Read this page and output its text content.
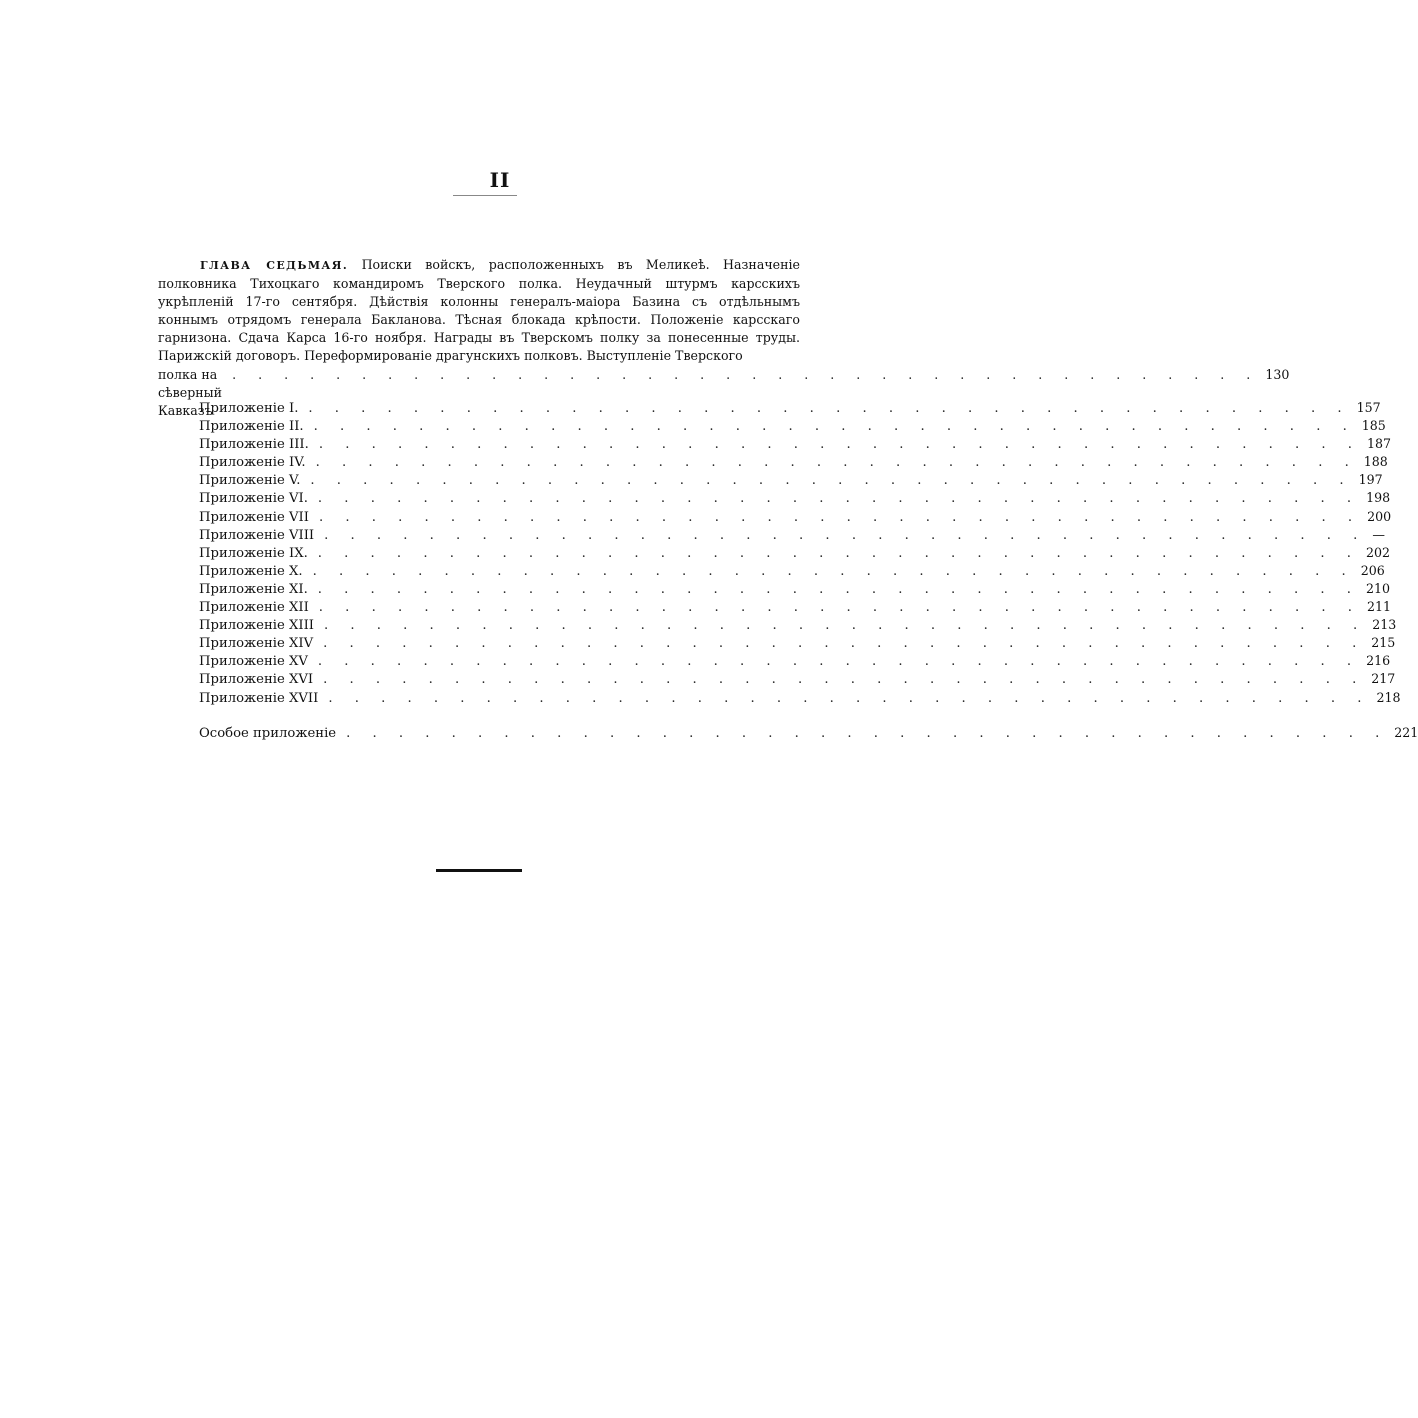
II

ГЛАВА СЕДЬМАЯ. Поиски войскъ, расположенныхъ въ Меликеѣ. Назначеніе полковника Тихоцкаго командиромъ Тверского полка. Неудачный штурмъ карсскихъ укрѣпленій 17-го сентября. Дѣйствія колонны генералъ-маіора Базина съ отдѣльнымъ коннымъ отрядомъ генерала Бакланова. Тѣсная блокада крѣпости. Положеніе карсскаго гарнизона. Сдача Карса 16-го ноября. Награды въ Тверскомъ полку за понесенные труды. Парижскій договоръ. Переформированіе драгунскихъ полковъ. Выступленіе Тверского

полка на сѣверный Кавказъ
. . . . . . . . . . . . . . . . . . . . . . . . . . . . . . . . . . . . . . . . 130
Приложеніе I. . . . . . . . . . . . . . . . . . . . . . . . . . . . . . . . . . . . . . . . . 157
Приложеніе II. . . . . . . . . . . . . . . . . . . . . . . . . . . . . . . . . . . . . . . . . 185
Приложеніе III. . . . . . . . . . . . . . . . . . . . . . . . . . . . . . . . . . . . . . . . . 187
Приложеніе IV. . . . . . . . . . . . . . . . . . . . . . . . . . . . . . . . . . . . . . . . . 188
Приложеніе V. . . . . . . . . . . . . . . . . . . . . . . . . . . . . . . . . . . . . . . . . 197
Приложеніе VI. . . . . . . . . . . . . . . . . . . . . . . . . . . . . . . . . . . . . . . . . 198
Приложеніе VII . . . . . . . . . . . . . . . . . . . . . . . . . . . . . . . . . . . . . . . . 200
Приложеніе VIII . . . . . . . . . . . . . . . . . . . . . . . . . . . . . . . . . . . . . . . . —
Приложеніе IX. . . . . . . . . . . . . . . . . . . . . . . . . . . . . . . . . . . . . . . . . 202
Приложеніе X. . . . . . . . . . . . . . . . . . . . . . . . . . . . . . . . . . . . . . . . . 206
Приложеніе XI. . . . . . . . . . . . . . . . . . . . . . . . . . . . . . . . . . . . . . . . . 210
Приложеніе XII . . . . . . . . . . . . . . . . . . . . . . . . . . . . . . . . . . . . . . . . 211
Приложеніе XIII . . . . . . . . . . . . . . . . . . . . . . . . . . . . . . . . . . . . . . . . 213
Приложеніе XIV . . . . . . . . . . . . . . . . . . . . . . . . . . . . . . . . . . . . . . . . 215
Приложеніе XV . . . . . . . . . . . . . . . . . . . . . . . . . . . . . . . . . . . . . . . . 216
Приложеніе XVI . . . . . . . . . . . . . . . . . . . . . . . . . . . . . . . . . . . . . . . . 217
Приложеніе XVII . . . . . . . . . . . . . . . . . . . . . . . . . . . . . . . . . . . . . . . . 218
Особое приложеніе . . . . . . . . . . . . . . . . . . . . . . . . . . . . . . . . . . . . . . . . 221
